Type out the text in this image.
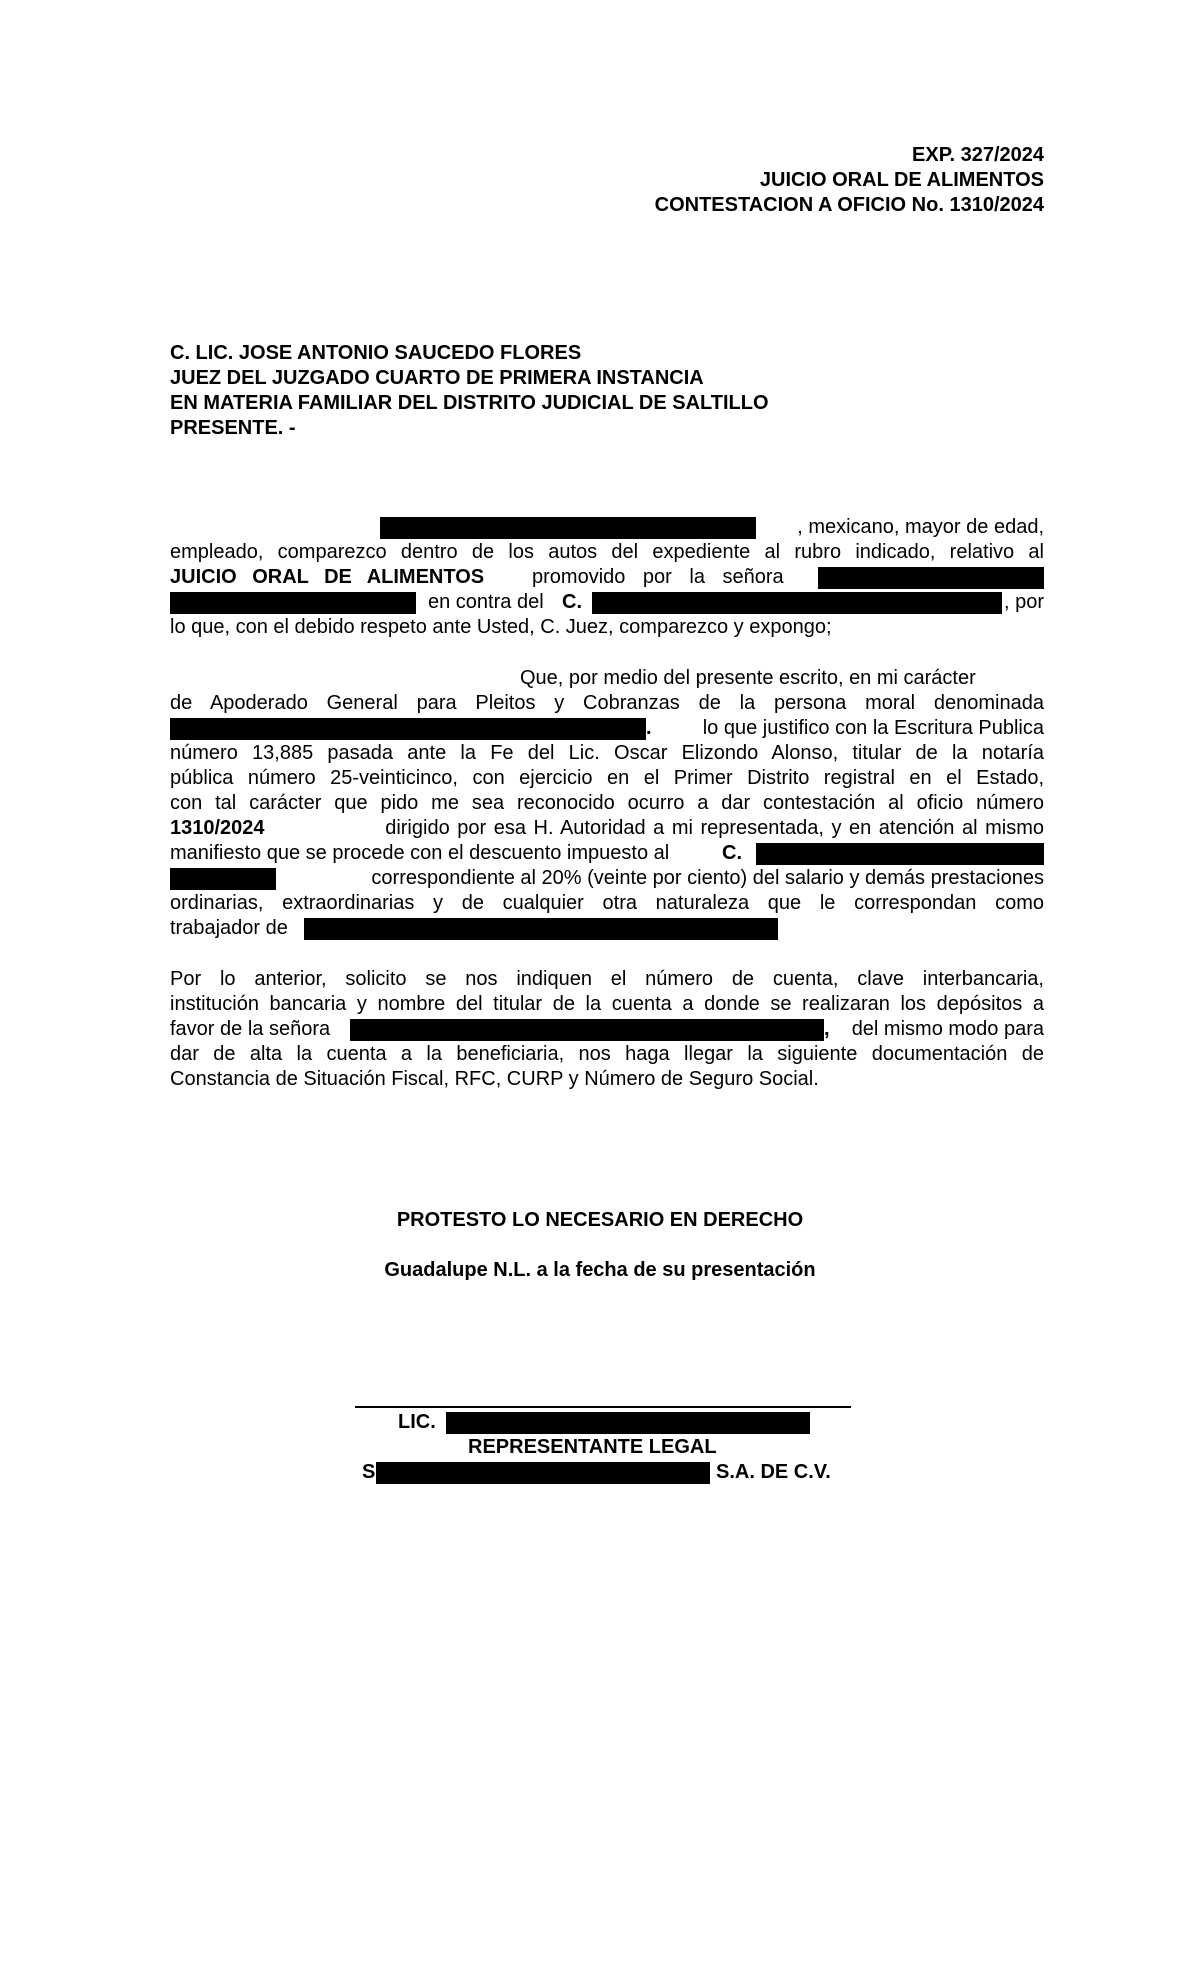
EXP. 327/2024
JUICIO ORAL DE ALIMENTOS
CONTESTACION A OFICIO No. 1310/2024
C. LIC. JOSE ANTONIO SAUCEDO FLORES
JUEZ DEL JUZGADO CUARTO DE PRIMERA INSTANCIA
EN MATERIA FAMILIAR DEL DISTRITO JUDICIAL DE SALTILLO
PRESENTE. -
, mexicano, mayor de edad,
empleado, comparezco dentro de los autos del expediente al rubro indicado, relativo al
JUICIO ORAL DE ALIMENTOS promovido por la señora
en contra del C.	, por
lo que, con el debido respeto ante Usted, C. Juez, comparezco y expongo;
Que, por medio del presente escrito, en mi carácter
de Apoderado General para Pleitos y Cobranzas de la persona moral denominada
.	lo que justifico con la Escritura Publica
número 13,885 pasada ante la Fe del Lic. Oscar Elizondo Alonso, titular de la notaría
pública número 25-veinticinco, con ejercicio en el Primer Distrito registral en el Estado,
con tal carácter que pido me sea reconocido ocurro a dar contestación al oficio número
1310/2024	dirigido por esa H. Autoridad a mi representada, y en atención al mismo
manifiesto que se procede con el descuento impuesto al	C.
correspondiente al 20% (veinte por ciento) del salario y demás prestaciones
ordinarias, extraordinarias y de cualquier otra naturaleza que le correspondan como
trabajador de
Por lo anterior, solicito se nos indiquen el número de cuenta, clave interbancaria,
institución bancaria y nombre del titular de la cuenta a donde se realizaran los depósitos a
favor de la señora	, del mismo modo para
dar de alta la cuenta a la beneficiaria, nos haga llegar la siguiente documentación de
Constancia de Situación Fiscal, RFC, CURP y Número de Seguro Social.
PROTESTO LO NECESARIO EN DERECHO
Guadalupe N.L. a la fecha de su presentación
LIC.
REPRESENTANTE LEGAL
S	S.A. DE C.V.
